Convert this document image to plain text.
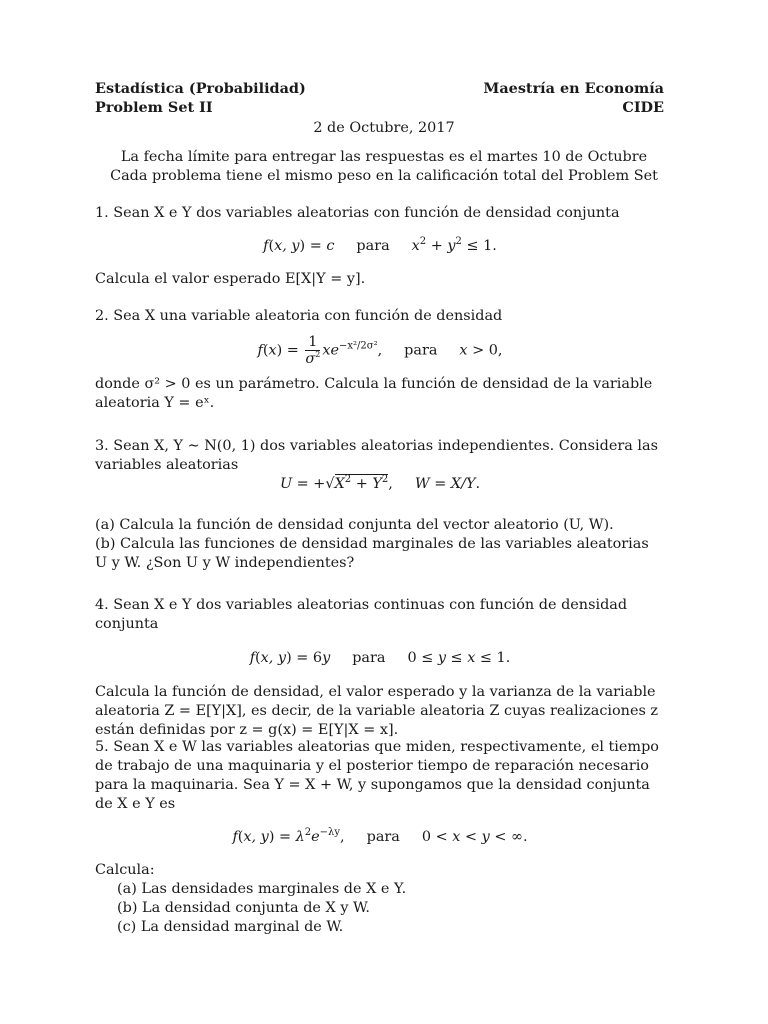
Estadística (Probabilidad)
Problem Set II
Maestría en Economía
CIDE
2 de Octubre, 2017
La fecha límite para entregar las respuestas es el martes 10 de Octubre
Cada problema tiene el mismo peso en la calificación total del Problem Set
1. Sean X e Y dos variables aleatorias con función de densidad conjunta
f(x, y) = c para $x^2 + y^2 \le 1$.
Calcula el valor esperado E[X|Y = y].
2. Sea X una variable aleatoria con función de densidad
$f(x) = \frac{1}{\sigma^2} xe^{-x^2/2\sigma^2}$, para x > 0,
donde σ² > 0 es un parámetro. Calcula la función de densidad de la variable aleatoria Y = eˣ.
3. Sean X, Y ∼ N(0, 1) dos variables aleatorias independientes. Considera las variables aleatorias
$U = +√X^2 + Y^2$, W = X/Y.
(a) Calcula la función de densidad conjunta del vector aleatorio (U, W).
(b) Calcula las funciones de densidad marginales de las variables aleatorias U y W. ¿Son U y W independientes?
4. Sean X e Y dos variables aleatorias continuas con función de densidad conjunta
f(x, y) = 6y para 0 ≤ y ≤ x ≤ 1.
Calcula la función de densidad, el valor esperado y la varianza de la variable aleatoria Z = E[Y|X], es decir, de la variable aleatoria Z cuyas realizaciones z están definidas por z = g(x) = E[Y|X = x].
5. Sean X e W las variables aleatorias que miden, respectivamente, el tiempo de trabajo de una maquinaria y el posterior tiempo de reparación necesario para la maquinaria. Sea Y = X + W, y supongamos que la densidad conjunta de X e Y es
f(x, $y) = \lambda^2e^{-\lambda y}$, para 0 < x < y < ∞.
Calcula:
(a) Las densidades marginales de X e Y.
(b) La densidad conjunta de X y W.
(c) La densidad marginal de W.
